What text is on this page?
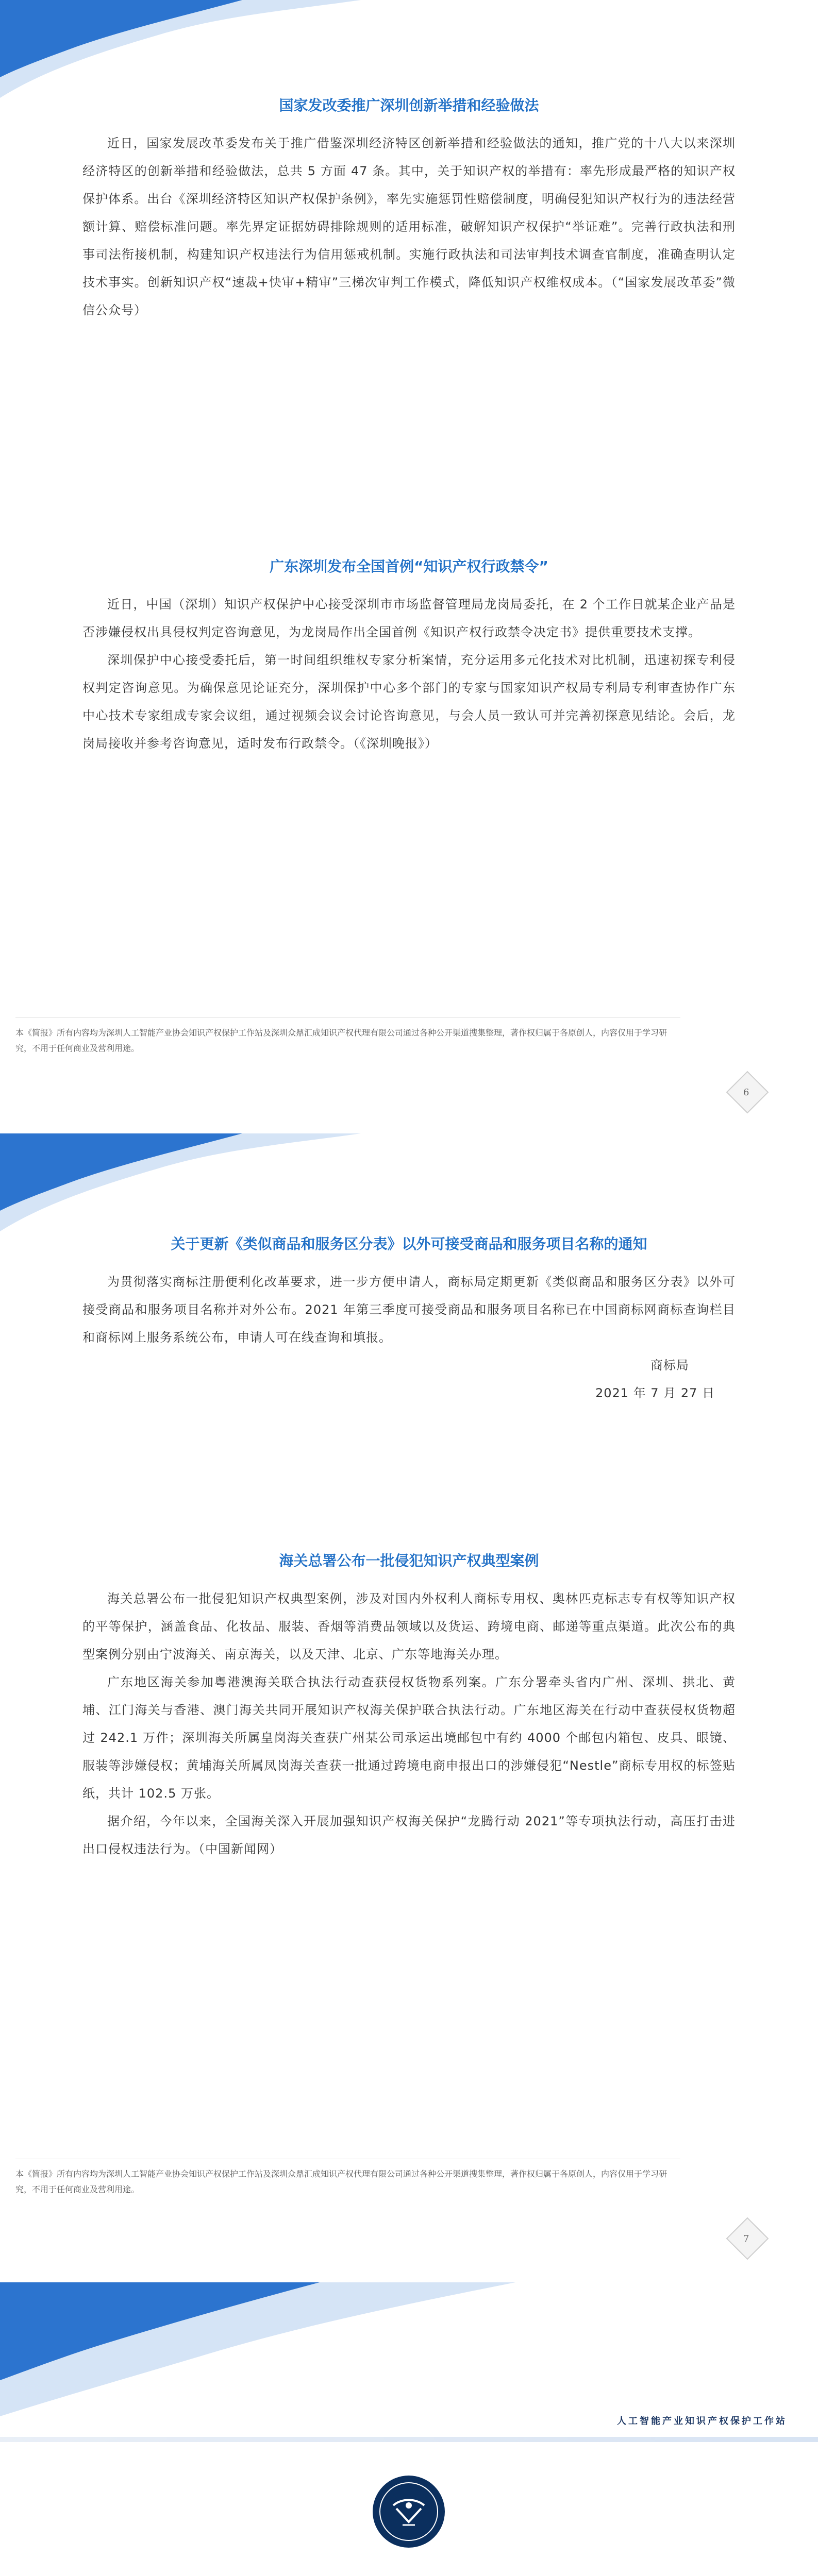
国家发改委推广深圳创新举措和经验做法

近日，国家发展改革委发布关于推广借鉴深圳经济特区创新举措和经验做法的通知，推广党的十八大以来深圳经济特区的创新举措和经验做法，总共 5 方面 47 条。其中，关于知识产权的举措有：率先形成最严格的知识产权保护体系。出台《深圳经济特区知识产权保护条例》，率先实施惩罚性赔偿制度，明确侵犯知识产权行为的违法经营额计算、赔偿标准问题。率先界定证据妨碍排除规则的适用标准，破解知识产权保护“举证难”。完善行政执法和刑事司法衔接机制，构建知识产权违法行为信用惩戒机制。实施行政执法和司法审判技术调查官制度，准确查明认定技术事实。创新知识产权“速裁+快审+精审”三梯次审判工作模式，降低知识产权维权成本。（“国家发展改革委”微信公众号）

广东深圳发布全国首例“知识产权行政禁令”

近日，中国（深圳）知识产权保护中心接受深圳市市场监督管理局龙岗局委托，在 2 个工作日就某企业产品是否涉嫌侵权出具侵权判定咨询意见，为龙岗局作出全国首例《知识产权行政禁令决定书》提供重要技术支撑。

深圳保护中心接受委托后，第一时间组织维权专家分析案情，充分运用多元化技术对比机制，迅速初探专利侵权判定咨询意见。为确保意见论证充分，深圳保护中心多个部门的专家与国家知识产权局专利局专利审查协作广东中心技术专家组成专家会议组，通过视频会议会讨论咨询意见，与会人员一致认可并完善初探意见结论。会后，龙岗局接收并参考咨询意见，适时发布行政禁令。（《深圳晚报》）

本《简报》所有内容均为深圳人工智能产业协会知识产权保护工作站及深圳众鼎汇成知识产权代理有限公司通过各种公开渠道搜集整理，著作权归属于各原创人，内容仅用于学习研究，不用于任何商业及营利用途。
6
关于更新《类似商品和服务区分表》以外可接受商品和服务项目名称的通知

为贯彻落实商标注册便利化改革要求，进一步方便申请人，商标局定期更新《类似商品和服务区分表》以外可接受商品和服务项目名称并对外公布。2021 年第三季度可接受商品和服务项目名称已在中国商标网商标查询栏目和商标网上服务系统公布，申请人可在线查询和填报。

商标局

2021 年 7 月 27 日

海关总署公布一批侵犯知识产权典型案例

海关总署公布一批侵犯知识产权典型案例，涉及对国内外权利人商标专用权、奥林匹克标志专有权等知识产权的平等保护，涵盖食品、化妆品、服装、香烟等消费品领域以及货运、跨境电商、邮递等重点渠道。此次公布的典型案例分别由宁波海关、南京海关，以及天津、北京、广东等地海关办理。

广东地区海关参加粤港澳海关联合执法行动查获侵权货物系列案。广东分署牵头省内广州、深圳、拱北、黄埔、江门海关与香港、澳门海关共同开展知识产权海关保护联合执法行动。广东地区海关在行动中查获侵权货物超过 242.1 万件；深圳海关所属皇岗海关查获广州某公司承运出境邮包中有约 4000 个邮包内箱包、皮具、眼镜、服装等涉嫌侵权；黄埔海关所属凤岗海关查获一批通过跨境电商申报出口的涉嫌侵犯“Nestle”商标专用权的标签贴纸，共计 102.5 万张。

据介绍，今年以来，全国海关深入开展加强知识产权海关保护“龙腾行动 2021”等专项执法行动，高压打击进出口侵权违法行为。（中国新闻网）

本《简报》所有内容均为深圳人工智能产业协会知识产权保护工作站及深圳众鼎汇成知识产权代理有限公司通过各种公开渠道搜集整理，著作权归属于各原创人，内容仅用于学习研究，不用于任何商业及营利用途。
7
人工智能产业知识产权保护工作站
